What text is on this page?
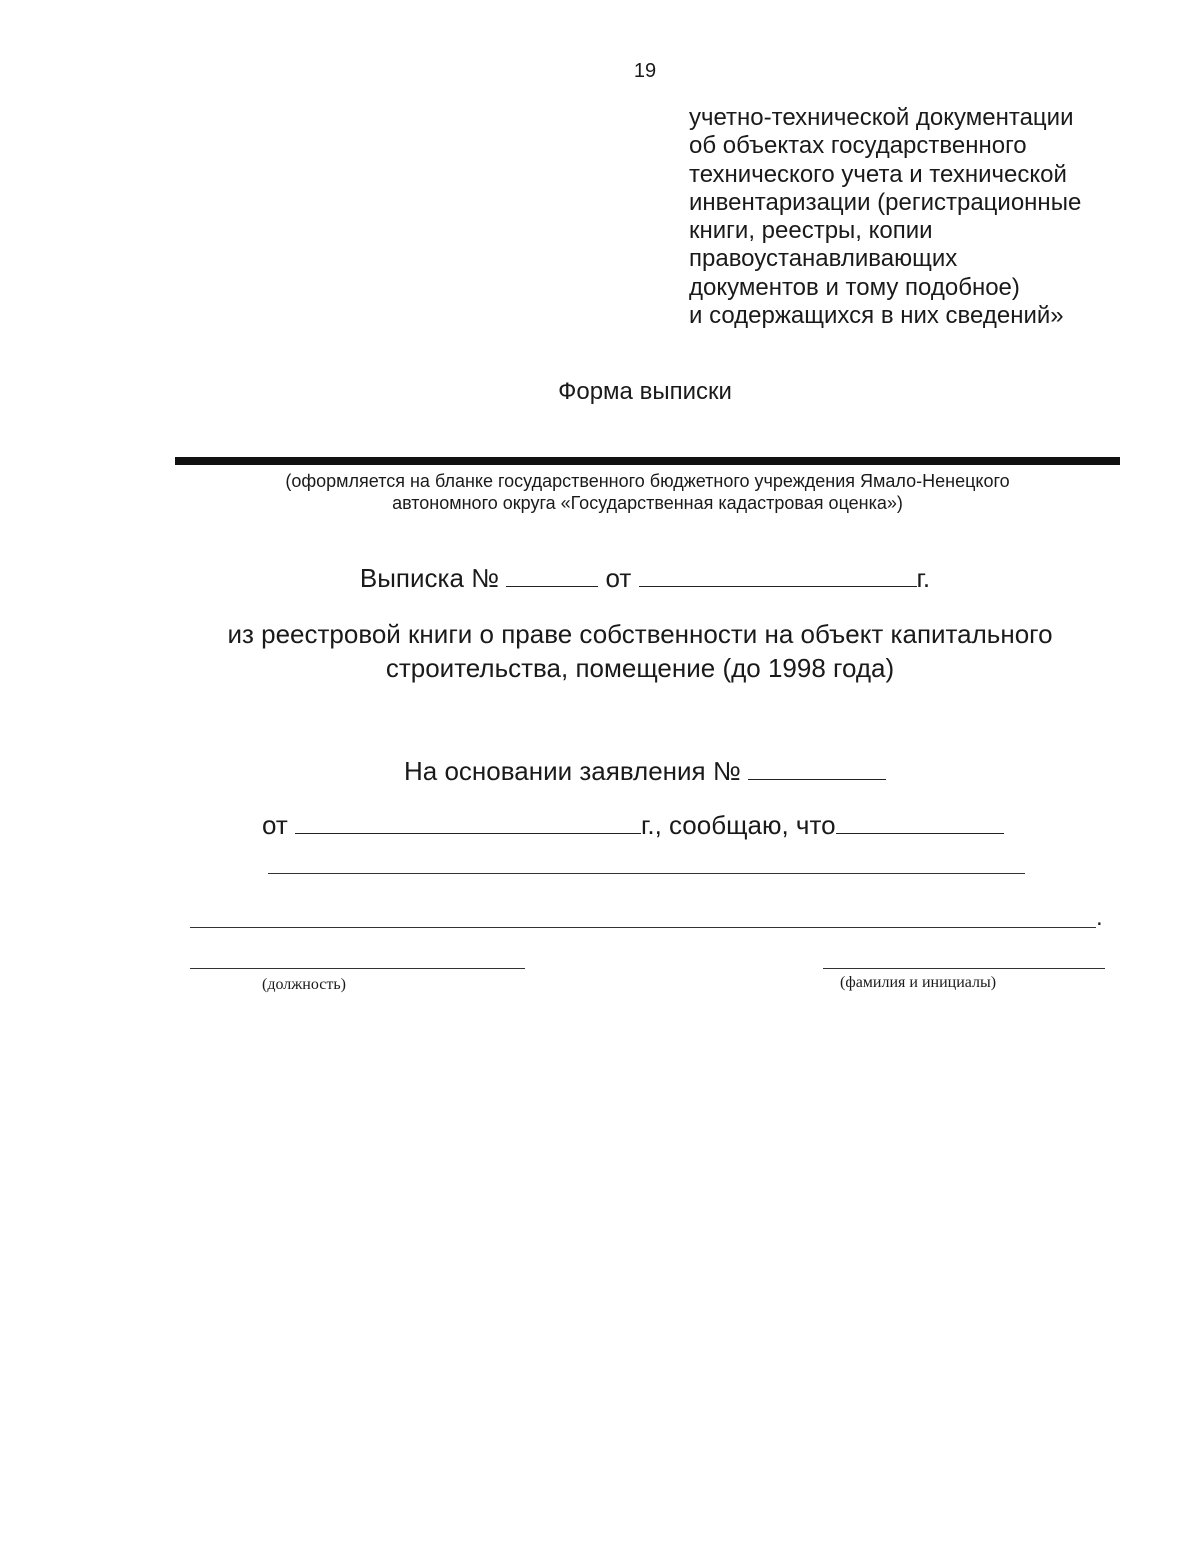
19
учетно-технической документации
об объектах государственного
технического учета и технической
инвентаризации (регистрационные
книги, реестры, копии
правоустанавливающих
документов и тому подобное)
и содержащихся в них сведений»
Форма выписки
(оформляется на бланке государственного бюджетного учреждения Ямало-Ненецкого
автономного округа «Государственная кадастровая оценка»)
Выписка №	от	г.
из реестровой книги о праве собственности на объект капитального
строительства, помещение (до 1998 года)
На основании заявления №
от	г., сообщаю, что
.
(должность)	(фамилия и инициалы)
